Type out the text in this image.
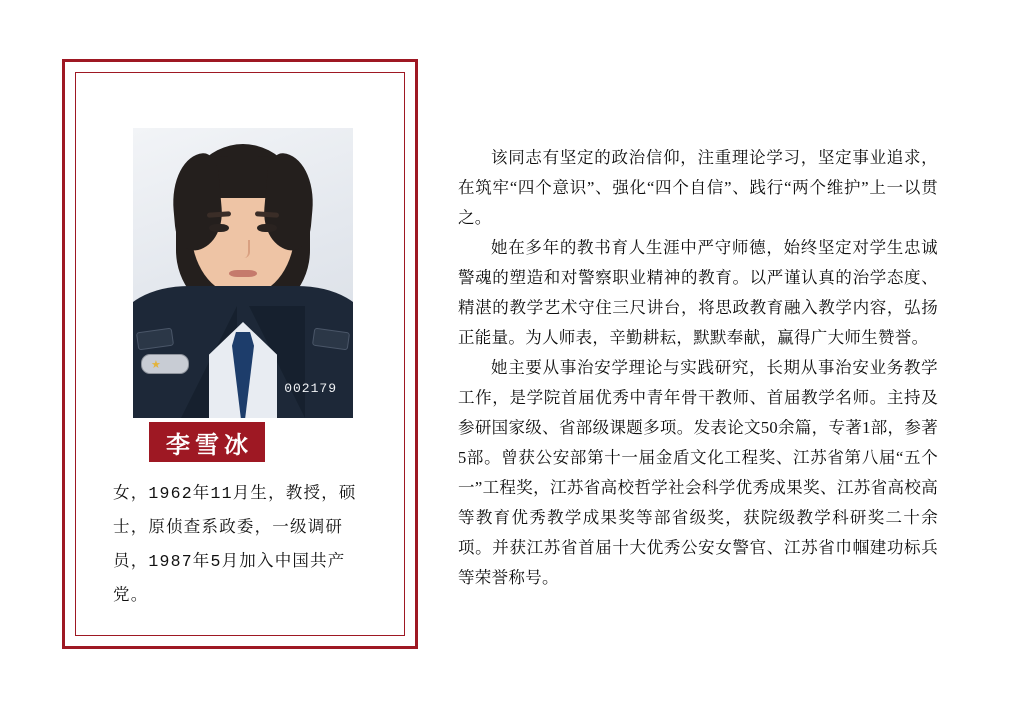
★
002179
李雪冰
女，1962年11月生，教授，硕士，原侦查系政委，一级调研员，1987年5月加入中国共产党。

该同志有坚定的政治信仰，注重理论学习，坚定事业追求，在筑牢“四个意识”、强化“四个自信”、践行“两个维护”上一以贯之。

她在多年的教书育人生涯中严守师德，始终坚定对学生忠诚警魂的塑造和对警察职业精神的教育。以严谨认真的治学态度、精湛的教学艺术守住三尺讲台，将思政教育融入教学内容，弘扬正能量。为人师表，辛勤耕耘，默默奉献，赢得广大师生赞誉。

她主要从事治安学理论与实践研究，长期从事治安业务教学工作，是学院首届优秀中青年骨干教师、首届教学名师。主持及参研国家级、省部级课题多项。发表论文50余篇，专著1部，参著5部。曾获公安部第十一届金盾文化工程奖、江苏省第八届“五个一”工程奖，江苏省高校哲学社会科学优秀成果奖、江苏省高校高等教育优秀教学成果奖等部省级奖，获院级教学科研奖二十余项。并获江苏省首届十大优秀公安女警官、江苏省巾帼建功标兵等荣誉称号。
